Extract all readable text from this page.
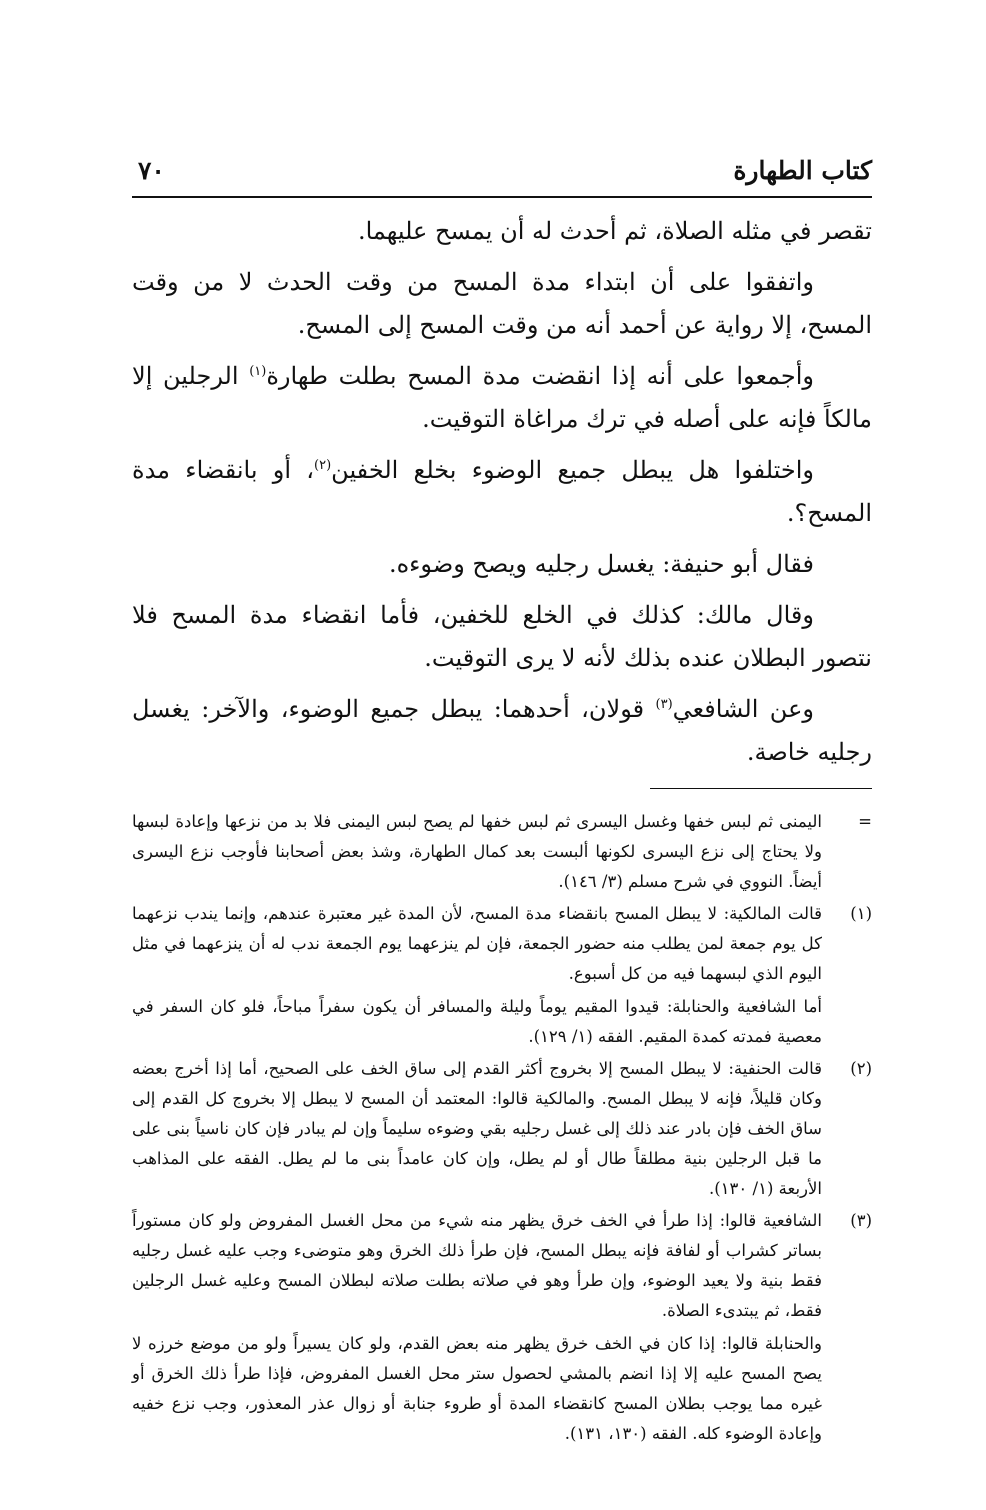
كتاب الطهارة
٧٠

تقصر في مثله الصلاة، ثم أحدث له أن يمسح عليهما.

واتفقوا على أن ابتداء مدة المسح من وقت الحدث لا من وقت المسح، إلا رواية عن أحمد أنه من وقت المسح إلى المسح.

وأجمعوا على أنه إذا انقضت مدة المسح بطلت طهارة$^{(١)}$ الرجلين إلا مالكاً فإنه على أصله في ترك مراغاة التوقيت.

واختلفوا هل يبطل جميع الوضوء بخلع الخفين$^{(٢)}$، أو بانقضاء مدة المسح؟.

فقال أبو حنيفة: يغسل رجليه ويصح وضوءه.

وقال مالك: كذلك في الخلع للخفين، فأما انقضاء مدة المسح فلا نتصور البطلان عنده بذلك لأنه لا يرى التوقيت.

وعن الشافعي$^{(٣)}$ قولان، أحدهما: يبطل جميع الوضوء، والآخر: يغسل رجليه خاصة.

=

اليمنى ثم لبس خفها وغسل اليسرى ثم لبس خفها لم يصح لبس اليمنى فلا بد من نزعها وإعادة لبسها ولا يحتاج إلى نزع اليسرى لكونها ألبست بعد كمال الطهارة، وشذ بعض أصحابنا فأوجب نزع اليسرى أيضاً. النووي في شرح مسلم (٣/ ١٤٦).

(١)

قالت المالكية: لا يبطل المسح بانقضاء مدة المسح، لأن المدة غير معتبرة عندهم، وإنما يندب نزعهما كل يوم جمعة لمن يطلب منه حضور الجمعة، فإن لم ينزعهما يوم الجمعة ندب له أن ينزعهما في مثل اليوم الذي لبسهما فيه من كل أسبوع.

أما الشافعية والحنابلة: قيدوا المقيم يوماً وليلة والمسافر أن يكون سفراً مباحاً، فلو كان السفر في معصية فمدته كمدة المقيم. الفقه (١/ ١٢٩).

(٢)

قالت الحنفية: لا يبطل المسح إلا بخروج أكثر القدم إلى ساق الخف على الصحيح، أما إذا أخرج بعضه وكان قليلاً، فإنه لا يبطل المسح. والمالكية قالوا: المعتمد أن المسح لا يبطل إلا بخروج كل القدم إلى ساق الخف فإن بادر عند ذلك إلى غسل رجليه بقي وضوءه سليماً وإن لم يبادر فإن كان ناسياً بنى على ما قبل الرجلين بنية مطلقاً طال أو لم يطل، وإن كان عامداً بنى ما لم يطل. الفقه على المذاهب الأربعة (١/ ١٣٠).

(٣)

الشافعية قالوا: إذا طرأ في الخف خرق يظهر منه شيء من محل الغسل المفروض ولو كان مستوراً بساتر كشراب أو لفافة فإنه يبطل المسح، فإن طرأ ذلك الخرق وهو متوضىء وجب عليه غسل رجليه فقط بنية ولا يعيد الوضوء، وإن طرأ وهو في صلاته بطلت صلاته لبطلان المسح وعليه غسل الرجلين فقط، ثم يبتدىء الصلاة.

والحنابلة قالوا: إذا كان في الخف خرق يظهر منه بعض القدم، ولو كان يسيراً ولو من موضع خرزه لا يصح المسح عليه إلا إذا انضم بالمشي لحصول ستر محل الغسل المفروض، فإذا طرأ ذلك الخرق أو غيره مما يوجب بطلان المسح كانقضاء المدة أو طروء جنابة أو زوال عذر المعذور، وجب نزع خفيه وإعادة الوضوء كله. الفقه (١٣٠، ١٣١).
